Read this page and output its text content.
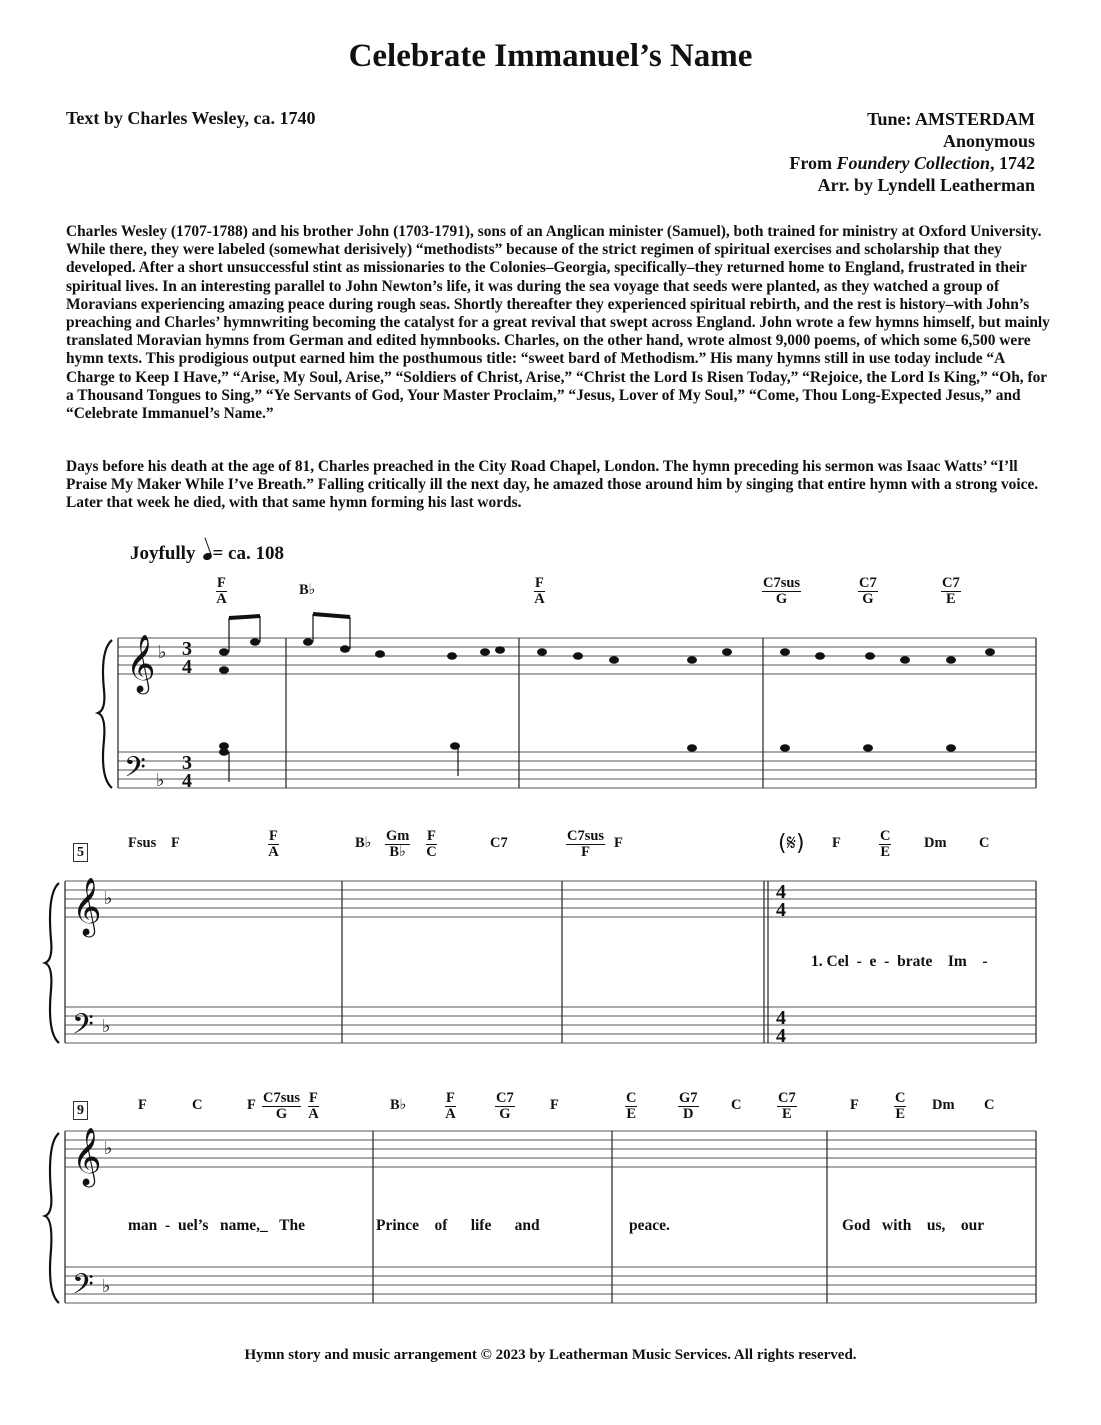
Celebrate Immanuel’s Name
Text by Charles Wesley, ca. 1740	Tune: AMSTERDAM
Anonymous
From Foundery Collection, 1742
Arr. by Lyndell Leatherman
Charles Wesley (1707-1788) and his brother John (1703-1791), sons of an Anglican minister (Samuel), both trained for ministry at Oxford University. While there, they were labeled (somewhat derisively) “methodists” because of the strict regimen of spiritual exercises and scholarship that they developed. After a short unsuccessful stint as missionaries to the Colonies–Georgia, specifically–they returned home to England, frustrated in their spiritual lives. In an interesting parallel to John Newton’s life, it was during the sea voyage that seeds were planted, as they watched a group of Moravians experiencing amazing peace during rough seas. Shortly thereafter they experienced spiritual rebirth, and the rest is history–with John’s preaching and Charles’ hymnwriting becoming the catalyst for a great revival that swept across England. John wrote a few hymns himself, but mainly translated Moravian hymns from German and edited hymnbooks. Charles, on the other hand, wrote almost 9,000 poems, of which some 6,500 were hymn texts. This prodigious output earned him the posthumous title: “sweet bard of Methodism.” His many hymns still in use today include “A Charge to Keep I Have,” “Arise, My Soul, Arise,” “Soldiers of Christ, Arise,” “Christ the Lord Is Risen Today,” “Rejoice, the Lord Is King,” “Oh, for a Thousand Tongues to Sing,” “Ye Servants of God, Your Master Proclaim,” “Jesus, Lover of My Soul,” “Come, Thou Long-Expected Jesus,” and “Celebrate Immanuel’s Name.”
Days before his death at the age of 81, Charles preached in the City Road Chapel, London. The hymn preceding his sermon was Isaac Watts’ “I’ll Praise My Maker While I’ve Breath.” Falling critically ill the next day, he amazed those around him by singing that entire hymn with a strong voice. Later that week he died, with that same hymn forming his last words.
Joyfully = ca. 108
𝄞
𝄢
♭
♭
𝄞
𝄢
♭
♭
𝄞
𝄢
♭
♭
3
4
3
4
4
4
4
4
(𝄋)
$\frac{F}{A}$	B♭	$\frac{F}{A}$	C7sus
G	$\frac{C7}{G}$	$\frac{C7}{E}$
5
Fsus F	$\frac{F}{A}$	B♭ $\frac{Gm}{B♭} \frac{F}{C}$	C7	C7sus
F
F	F	$\frac{C}{E}$ Dm C
1. Cel  -  e  -  brate    Im    -
9	F	C	F C7sus
G	$\frac{F}{A}$	B♭	$\frac{F}{A}$	$\frac{C7}{G}$ F	$\frac{C}{E}$	$\frac{G7}{D}$ C $\frac{C7}{E}$	F $\frac{C}{E}$ Dm C
man  -  uel’s   name,_   The	Prince    of      life      and	peace.	God   with    us,    our
Hymn story and music arrangement © 2023 by Leatherman Music Services. All rights reserved.
